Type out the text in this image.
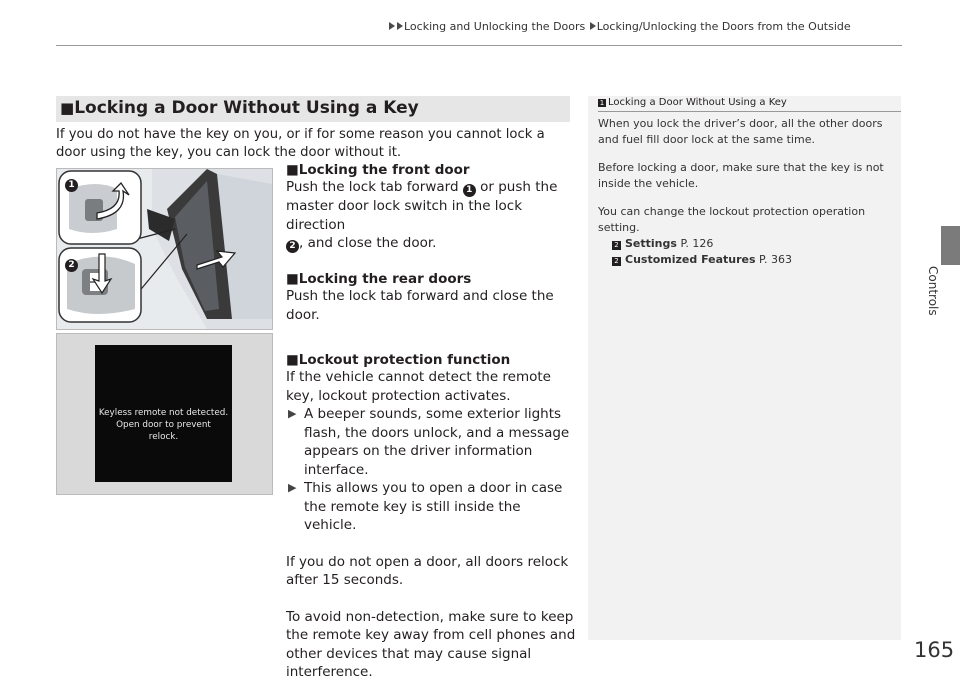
Locking and Unlocking the Doors Locking/Unlocking the Doors from the Outside
Controls
■Locking a Door Without Using a Key
If you do not have the key on you, or if for some reason you cannot lock a door using the key, you can lock the door without it.
1
2
Keyless remote not detected.
Open door to prevent
relock.
■Locking the front door
Push the lock tab forward 1 or push the master door lock switch in the lock direction
2 , and close the door.
■Locking the rear doors
Push the lock tab forward and close the door.
■Lockout protection function
If the vehicle cannot detect the remote key, lockout protection activates.
▶ A beeper sounds, some exterior lights flash, the doors unlock, and a message appears on the driver information interface.
▶ This allows you to open a door in case the remote key is still inside the vehicle.
If you do not open a door, all doors relock after 15 seconds.
To avoid non-detection, make sure to keep the remote key away from cell phones and other devices that may cause signal interference.
1 Locking a Door Without Using a Key
When you lock the driver’s door, all the other doors and fuel fill door lock at the same time.
Before locking a door, make sure that the key is not inside the vehicle.
You can change the lockout protection operation setting.
2 Settings P. 126
2 Customized Features P. 363
165
